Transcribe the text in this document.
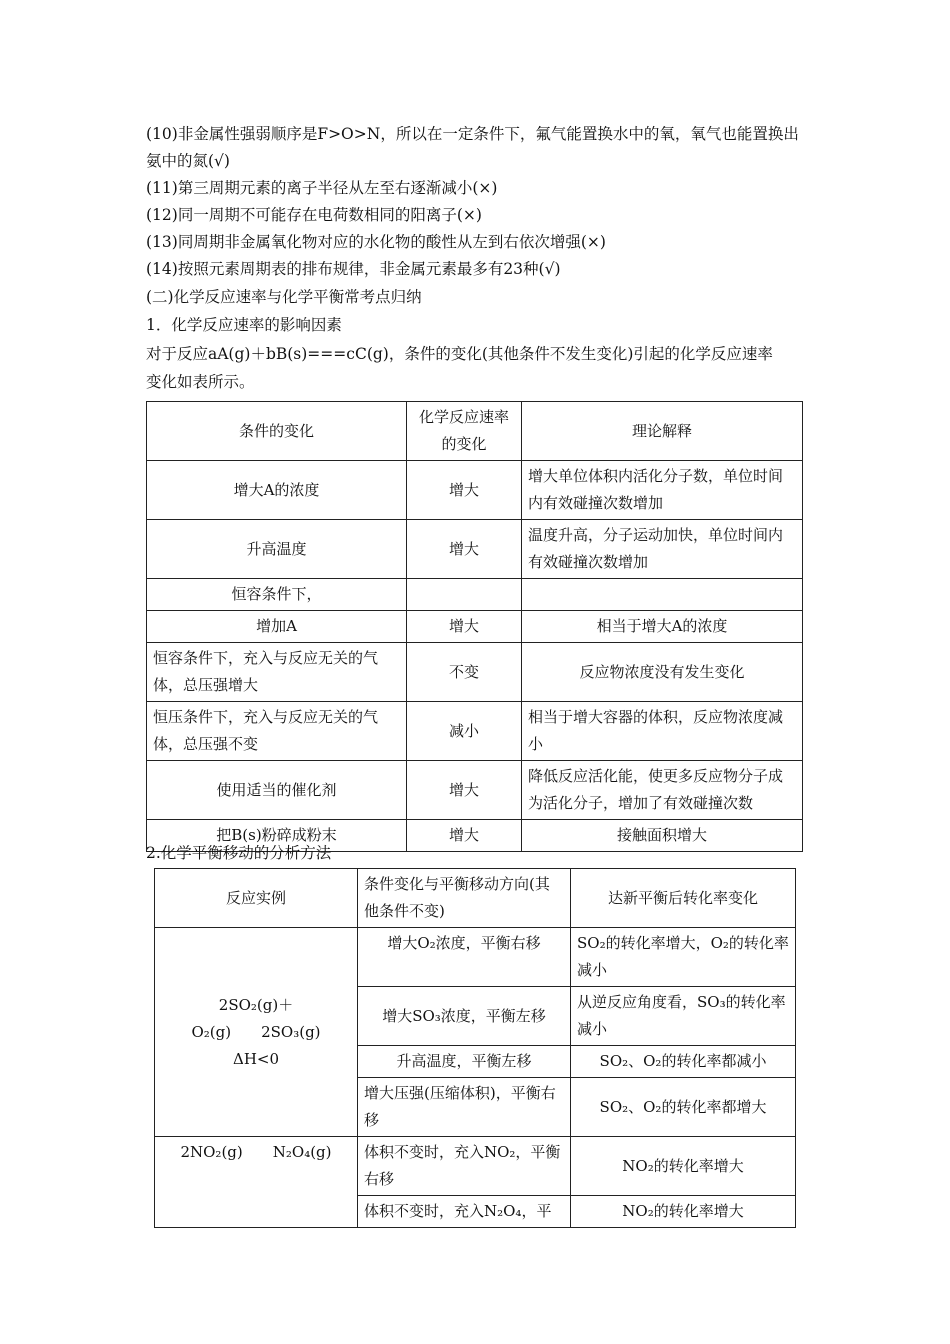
(10)非金属性强弱顺序是F>O>N，所以在一定条件下，氟气能置换水中的氧，氧气也能置换出
氨中的氮(√)
(11)第三周期元素的离子半径从左至右逐渐减小(×)
(12)同一周期不可能存在电荷数相同的阳离子(×)
(13)同周期非金属氧化物对应的水化物的酸性从左到右依次增强(×)
(14)按照元素周期表的排布规律，非金属元素最多有23种(√)
(二)化学反应速率与化学平衡常考点归纳
1．化学反应速率的影响因素
对于反应aA(g)＋bB(s)===cC(g)，条件的变化(其他条件不发生变化)引起的化学反应速率
变化如表所示。
条件的变化	化学反应速率的变化	理论解释
增大A的浓度	增大	增大单位体积内活化分子数，单位时间内有效碰撞次数增加
升高温度	增大	温度升高，分子运动加快，单位时间内有效碰撞次数增加
恒容条件下，		
增加A	增大	相当于增大A的浓度
恒容条件下，充入与反应无关的气体，总压强增大	不变	反应物浓度没有发生变化
恒压条件下，充入与反应无关的气体，总压强不变	减小	相当于增大容器的体积，反应物浓度减小
使用适当的催化剂	增大	降低反应活化能，使更多反应物分子成为活化分子，增加了有效碰撞次数
把B(s)粉碎成粉末	增大	接触面积增大
2.化学平衡移动的分析方法
反应实例	条件变化与平衡移动方向(其他条件不变)	达新平衡后转化率变化

2SO₂(g)＋
O₂(g)　　2SO₃(g)
ΔH<0	增大O₂浓度，平衡右移	SO₂的转化率增大，O₂的转化率减小
	增大SO₃浓度，平衡左移	从逆反应角度看，SO₃的转化率减小
	升高温度，平衡左移	SO₂、O₂的转化率都减小
	增大压强(压缩体积)，平衡右移	SO₂、O₂的转化率都增大

2NO₂(g)　　N₂O₄(g)	体积不变时，充入NO₂，平衡右移	NO₂的转化率增大
	体积不变时，充入N₂O₄，平	NO₂的转化率增大
